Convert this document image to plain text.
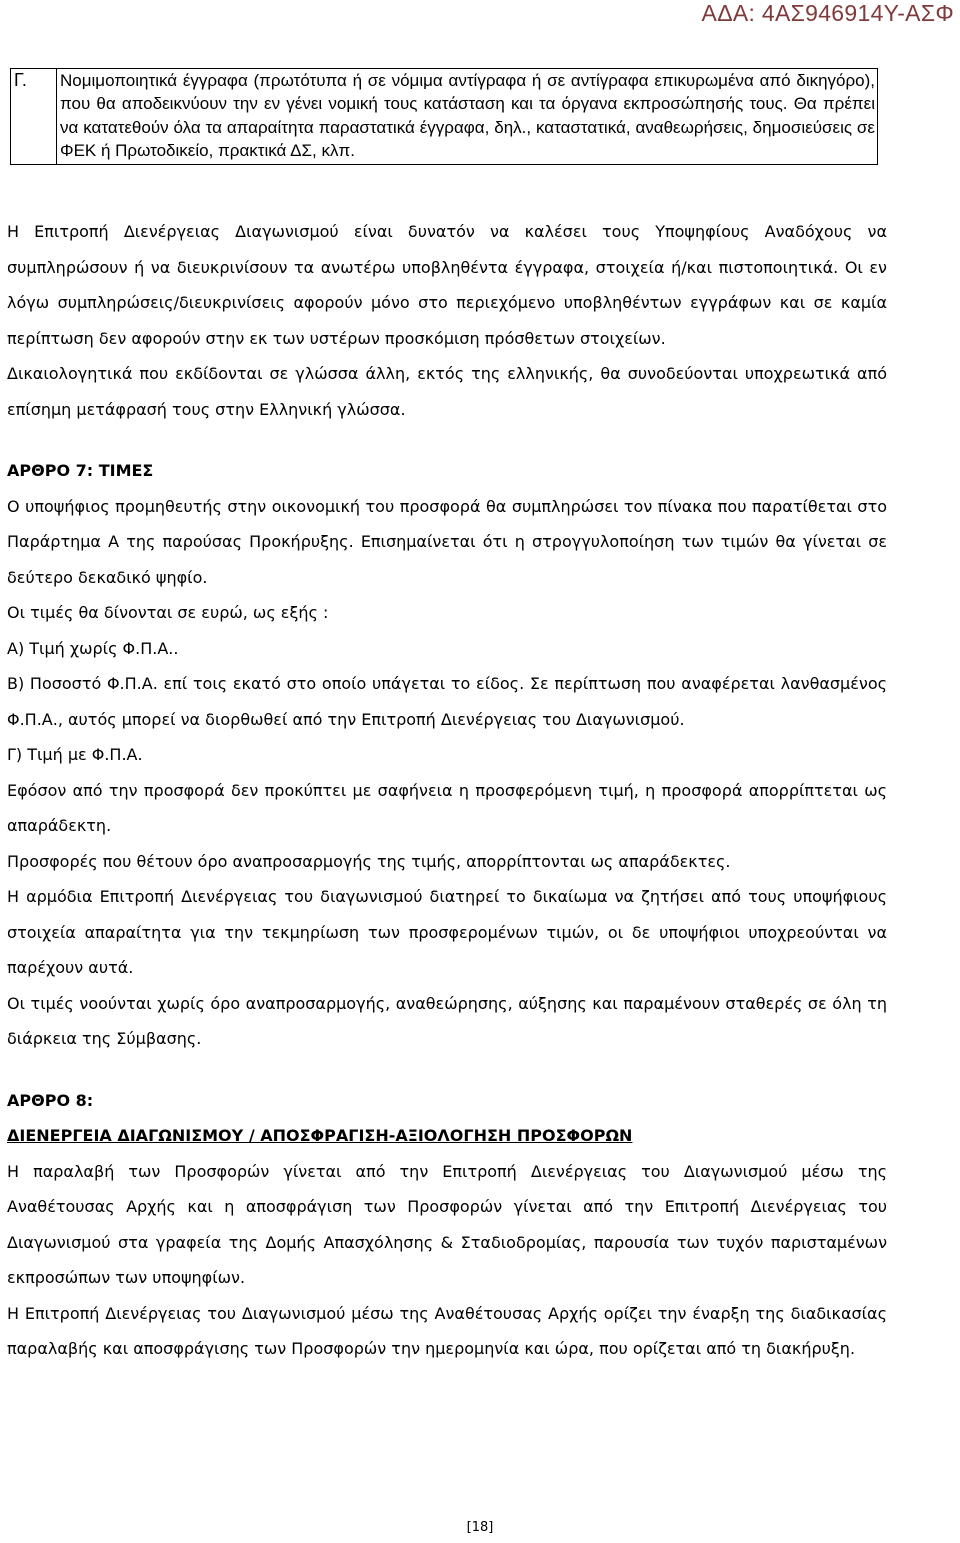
ΑΔΑ: 4ΑΣ946914Υ-ΑΣΦ
Γ.	Νομιμοποιητικά έγγραφα (πρωτότυπα ή σε νόμιμα αντίγραφα ή σε αντίγραφα επικυρωμένα από δικηγόρο), που θα αποδεικνύουν την εν γένει νομική τους κατάσταση και τα όργανα εκπροσώπησής τους. Θα πρέπει να κατατεθούν όλα τα απαραίτητα παραστατικά έγγραφα, δηλ., καταστατικά, αναθεωρήσεις, δημοσιεύσεις σε ΦΕΚ ή Πρωτοδικείο, πρακτικά ΔΣ, κλπ.

Η Επιτροπή Διενέργειας Διαγωνισμού είναι δυνατόν να καλέσει τους Υποψηφίους Αναδόχους να συμπληρώσουν ή να διευκρινίσουν τα ανωτέρω υποβληθέντα έγγραφα, στοιχεία ή/και πιστοποιητικά. Οι εν λόγω συμπληρώσεις/διευκρινίσεις αφορούν μόνο στο περιεχόμενο υποβληθέντων εγγράφων και σε καμία περίπτωση δεν αφορούν στην εκ των υστέρων προσκόμιση πρόσθετων στοιχείων.

Δικαιολογητικά που εκδίδονται σε γλώσσα άλλη, εκτός της ελληνικής, θα συνοδεύονται υποχρεωτικά από επίσημη μετάφρασή τους στην Ελληνική γλώσσα.

ΑΡΘΡΟ 7: ΤΙΜΕΣ

Ο υποψήφιος προμηθευτής στην οικονομική του προσφορά θα συμπληρώσει τον πίνακα που παρατίθεται στο Παράρτημα Α της παρούσας Προκήρυξης. Επισημαίνεται ότι η στρογγυλοποίηση των τιμών θα γίνεται σε δεύτερο δεκαδικό ψηφίο.

Οι τιμές θα δίνονται σε ευρώ, ως εξής :

Α) Τιμή χωρίς Φ.Π.Α..

Β) Ποσοστό Φ.Π.Α. επί τοις εκατό στο οποίο υπάγεται το είδος. Σε περίπτωση που αναφέρεται λανθασμένος Φ.Π.Α., αυτός μπορεί να διορθωθεί από την Επιτροπή Διενέργειας του Διαγωνισμού.

Γ) Τιμή με Φ.Π.Α.

Εφόσον από την προσφορά δεν προκύπτει με σαφήνεια η προσφερόμενη τιμή, η προσφορά απορρίπτεται ως απαράδεκτη.

Προσφορές που θέτουν όρο αναπροσαρμογής της τιμής, απορρίπτονται ως απαράδεκτες.

Η αρμόδια Επιτροπή Διενέργειας του διαγωνισμού διατηρεί το δικαίωμα να ζητήσει από τους υποψήφιους στοιχεία απαραίτητα για την τεκμηρίωση των προσφερομένων τιμών, οι δε υποψήφιοι υποχρεούνται να παρέχουν αυτά.

Οι τιμές νοούνται χωρίς όρο αναπροσαρμογής, αναθεώρησης, αύξησης και παραμένουν σταθερές σε όλη τη διάρκεια της Σύμβασης.

ΑΡΘΡΟ 8:

ΔΙΕΝΕΡΓΕΙΑ ΔΙΑΓΩΝΙΣΜΟΥ / ΑΠΟΣΦΡΑΓΙΣΗ-ΑΞΙΟΛΟΓΗΣΗ ΠΡΟΣΦΟΡΩΝ

Η παραλαβή των Προσφορών γίνεται από την Επιτροπή Διενέργειας του Διαγωνισμού μέσω της Αναθέτουσας Αρχής και η αποσφράγιση των Προσφορών γίνεται από την Επιτροπή Διενέργειας του Διαγωνισμού στα γραφεία της Δομής Απασχόλησης & Σταδιοδρομίας, παρουσία των τυχόν παρισταμένων εκπροσώπων των υποψηφίων.

Η Επιτροπή Διενέργειας του Διαγωνισμού μέσω της Αναθέτουσας Αρχής ορίζει την έναρξη της διαδικασίας παραλαβής και αποσφράγισης των Προσφορών την ημερομηνία και ώρα, που ορίζεται από τη διακήρυξη.

[18]
